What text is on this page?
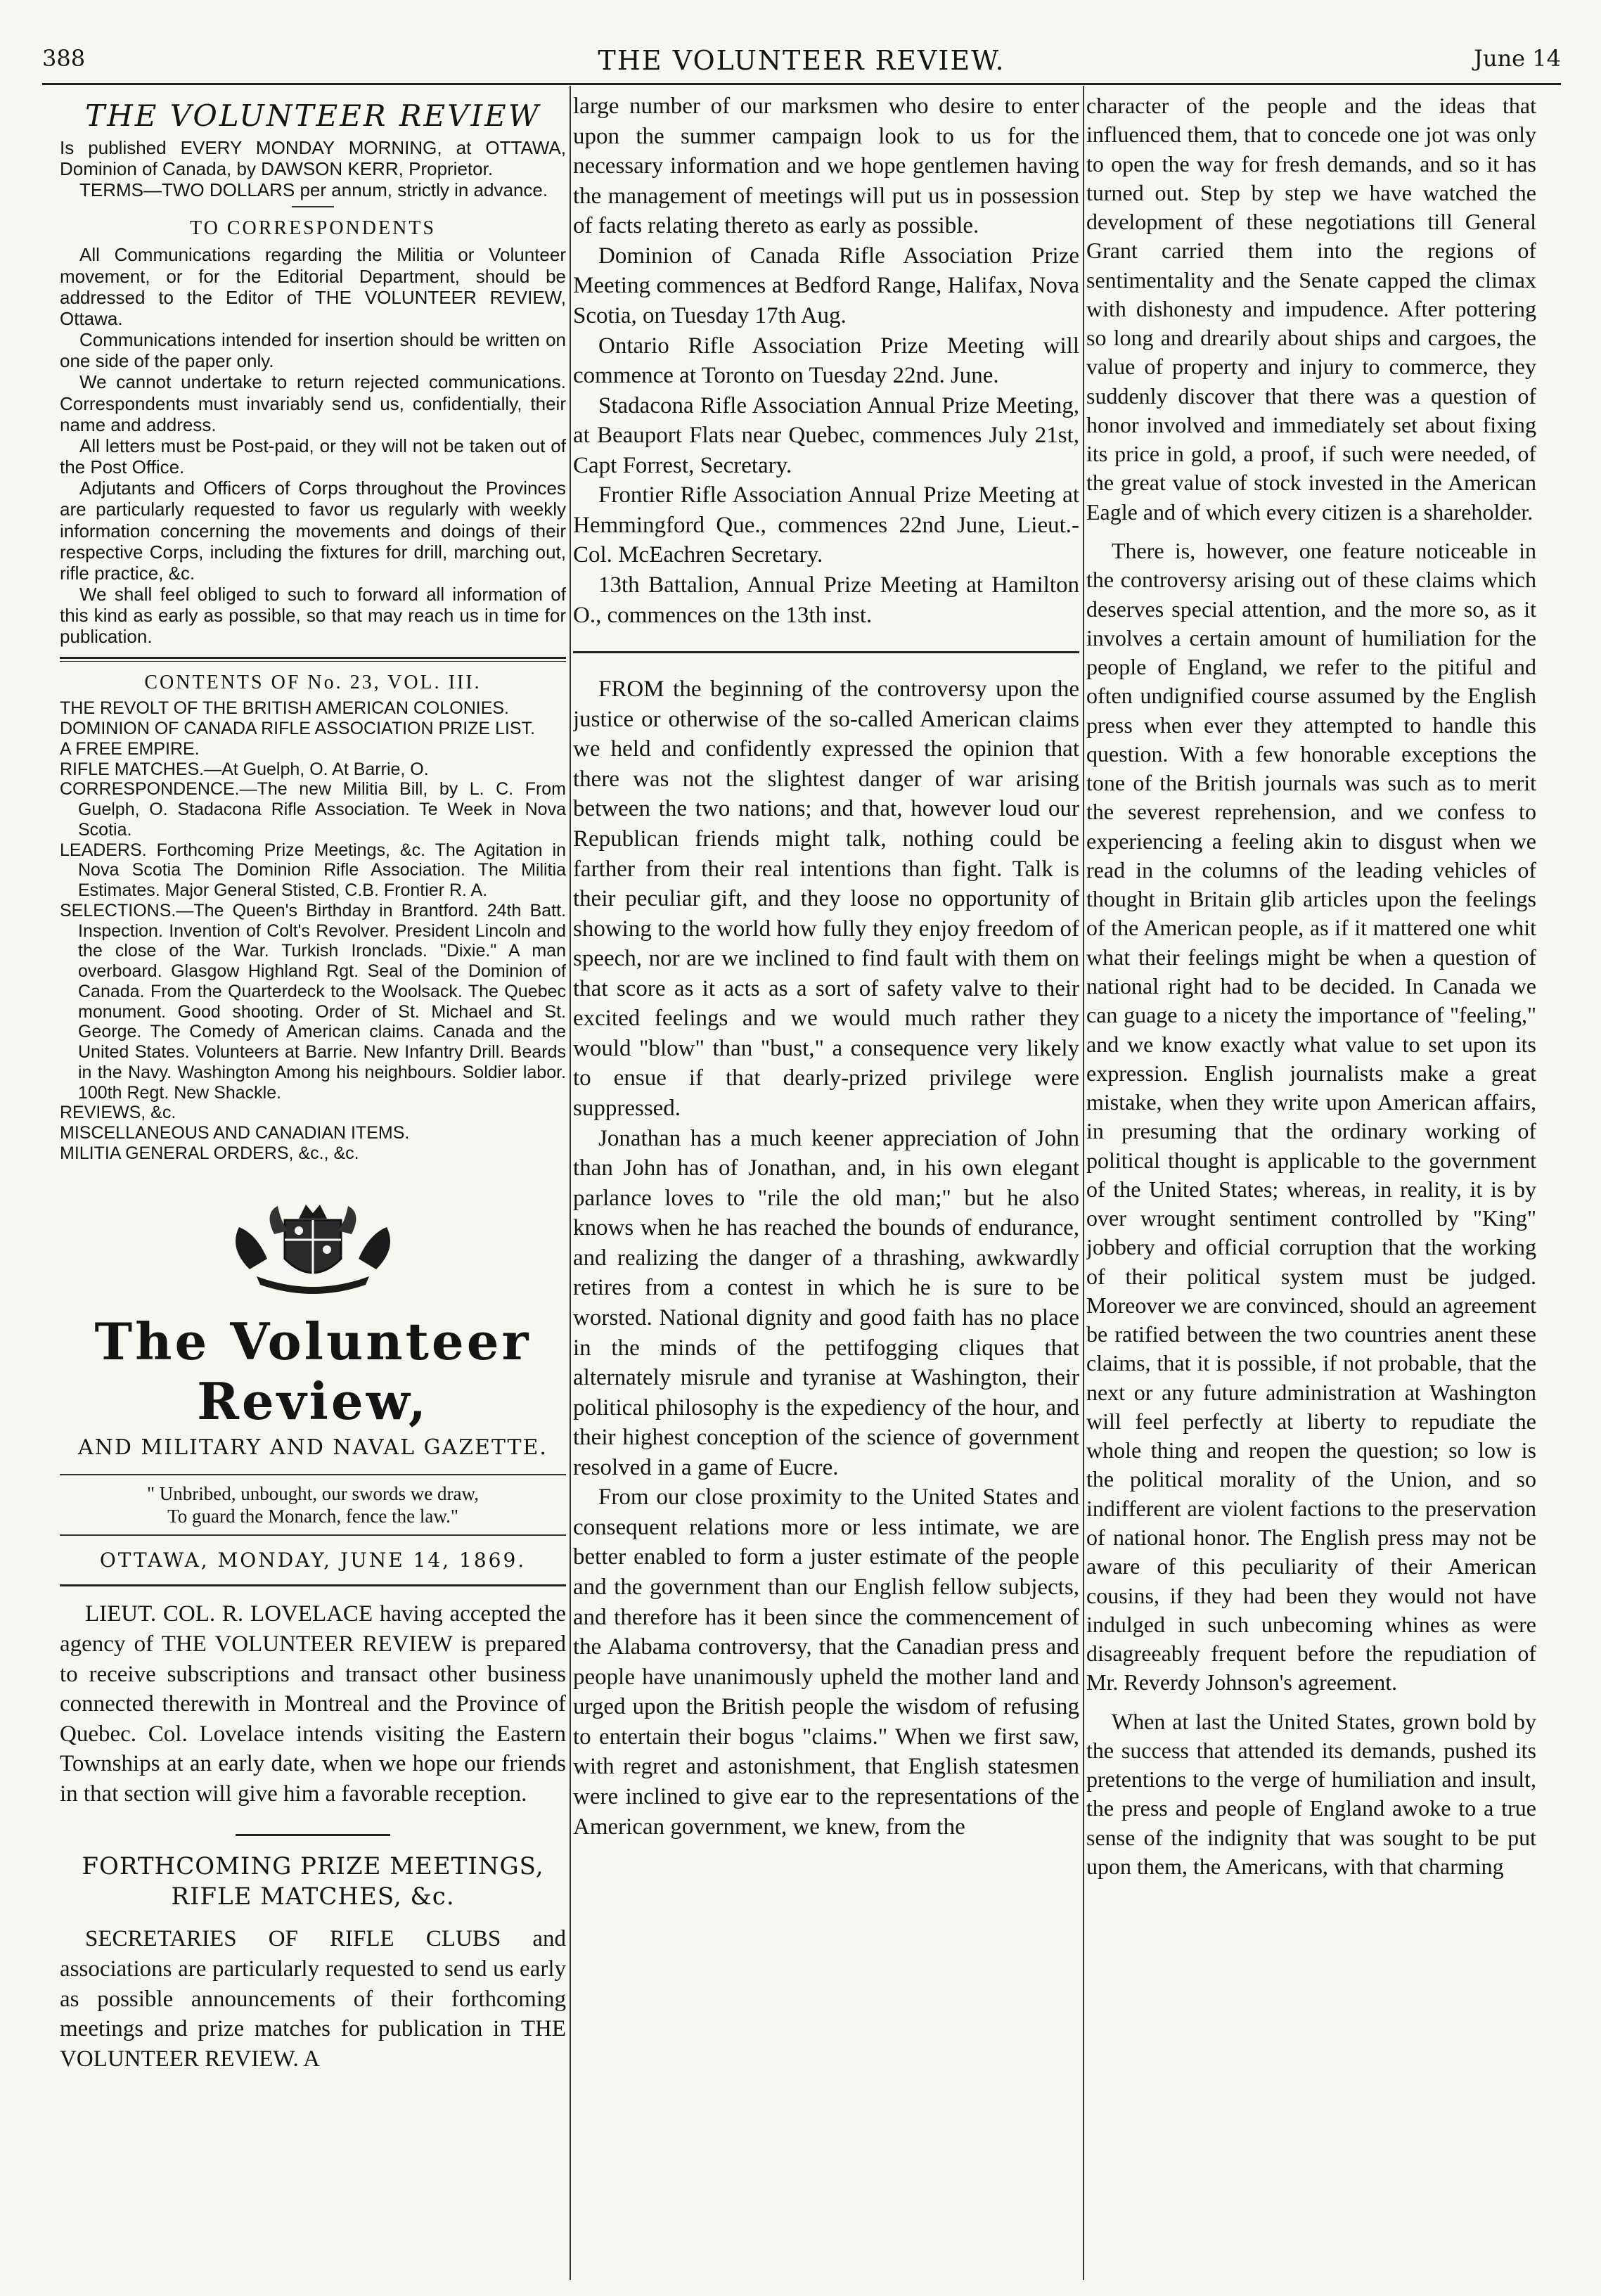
388	THE VOLUNTEER REVIEW.	June 14
THE VOLUNTEER REVIEW

Is published EVERY MONDAY MORNING, at OTTAWA, Dominion of Canada, by DAWSON KERR, Proprietor.

TERMS—TWO DOLLARS per annum, strictly in advance.

TO CORRESPONDENTS

All Communications regarding the Militia or Volunteer movement, or for the Editorial Department, should be addressed to the Editor of THE VOLUNTEER REVIEW, Ottawa.

Communications intended for insertion should be written on one side of the paper only.

We cannot undertake to return rejected communications. Correspondents must invariably send us, confidentially, their name and address.

All letters must be Post-paid, or they will not be taken out of the Post Office.

Adjutants and Officers of Corps throughout the Provinces are particularly requested to favor us regularly with weekly information concerning the movements and doings of their respective Corps, including the fixtures for drill, marching out, rifle practice, &c.

We shall feel obliged to such to forward all information of this kind as early as possible, so that may reach us in time for publication.

CONTENTS OF No. 23, VOL. III.

THE REVOLT OF THE BRITISH AMERICAN COLONIES.

DOMINION OF CANADA RIFLE ASSOCIATION PRIZE LIST.

A FREE EMPIRE.

RIFLE MATCHES.—At Guelph, O. At Barrie, O.

CORRESPONDENCE.—The new Militia Bill, by L. C. From Guelph, O. Stadacona Rifle Association. Te Week in Nova Scotia.

LEADERS. Forthcoming Prize Meetings, &c. The Agitation in Nova Scotia The Dominion Rifle Association. The Militia Estimates. Major General Stisted, C.B. Frontier R. A.

SELECTIONS.—The Queen's Birthday in Brantford. 24th Batt. Inspection. Invention of Colt's Revolver. President Lincoln and the close of the War. Turkish Ironclads. "Dixie." A man overboard. Glasgow Highland Rgt. Seal of the Dominion of Canada. From the Quarterdeck to the Woolsack. The Quebec monument. Good shooting. Order of St. Michael and St. George. The Comedy of American claims. Canada and the United States. Volunteers at Barrie. New Infantry Drill. Beards in the Navy. Washington Among his neighbours. Soldier labor. 100th Regt. New Shackle.

REVIEWS, &c.

MISCELLANEOUS AND CANADIAN ITEMS.

MILITIA GENERAL ORDERS, &c., &c.

The Volunteer Review,
AND MILITARY AND NAVAL GAZETTE.
" Unbribed, unbought, our swords we draw,
To guard the Monarch, fence the law."
OTTAWA, MONDAY, JUNE 14, 1869.

LIEUT. COL. R. LOVELACE having accepted the agency of THE VOLUNTEER REVIEW is prepared to receive subscriptions and transact other business connected therewith in Montreal and the Province of Quebec. Col. Lovelace intends visiting the Eastern Townships at an early date, when we hope our friends in that section will give him a favorable reception.

FORTHCOMING PRIZE MEETINGS, RIFLE MATCHES, &c.

SECRETARIES OF RIFLE CLUBS and associations are particularly requested to send us early as possible announcements of their forthcoming meetings and prize matches for publication in THE VOLUNTEER REVIEW. A

large number of our marksmen who desire to enter upon the summer campaign look to us for the necessary information and we hope gentlemen having the management of meetings will put us in possession of facts relating thereto as early as possible.

Dominion of Canada Rifle Association Prize Meeting commences at Bedford Range, Halifax, Nova Scotia, on Tuesday 17th Aug.

Ontario Rifle Association Prize Meeting will commence at Toronto on Tuesday 22nd. June.

Stadacona Rifle Association Annual Prize Meeting, at Beauport Flats near Quebec, commences July 21st, Capt Forrest, Secretary.

Frontier Rifle Association Annual Prize Meeting at Hemmingford Que., commences 22nd June, Lieut.-Col. McEachren Secretary.

13th Battalion, Annual Prize Meeting at Hamilton O., commences on the 13th inst.

FROM the beginning of the controversy upon the justice or otherwise of the so-called American claims we held and confidently expressed the opinion that there was not the slightest danger of war arising between the two nations; and that, however loud our Republican friends might talk, nothing could be farther from their real intentions than fight. Talk is their peculiar gift, and they loose no opportunity of showing to the world how fully they enjoy freedom of speech, nor are we inclined to find fault with them on that score as it acts as a sort of safety valve to their excited feelings and we would much rather they would "blow" than "bust," a consequence very likely to ensue if that dearly-prized privilege were suppressed.

Jonathan has a much keener appreciation of John than John has of Jonathan, and, in his own elegant parlance loves to "rile the old man;" but he also knows when he has reached the bounds of endurance, and realizing the danger of a thrashing, awkwardly retires from a contest in which he is sure to be worsted. National dignity and good faith has no place in the minds of the pettifogging cliques that alternately misrule and tyranise at Washington, their political philosophy is the expediency of the hour, and their highest conception of the science of government resolved in a game of Eucre.

From our close proximity to the United States and consequent relations more or less intimate, we are better enabled to form a juster estimate of the people and the government than our English fellow subjects, and therefore has it been since the commencement of the Alabama controversy, that the Canadian press and people have unanimously upheld the mother land and urged upon the British people the wisdom of refusing to entertain their bogus "claims." When we first saw, with regret and astonishment, that English statesmen were inclined to give ear to the representations of the American government, we knew, from the

character of the people and the ideas that influenced them, that to concede one jot was only to open the way for fresh demands, and so it has turned out. Step by step we have watched the development of these negotiations till General Grant carried them into the regions of sentimentality and the Senate capped the climax with dishonesty and impudence. After pottering so long and drearily about ships and cargoes, the value of property and injury to commerce, they suddenly discover that there was a question of honor involved and immediately set about fixing its price in gold, a proof, if such were needed, of the great value of stock invested in the American Eagle and of which every citizen is a shareholder.

There is, however, one feature noticeable in the controversy arising out of these claims which deserves special attention, and the more so, as it involves a certain amount of humiliation for the people of England, we refer to the pitiful and often undignified course assumed by the English press when ever they attempted to handle this question. With a few honorable exceptions the tone of the British journals was such as to merit the severest reprehension, and we confess to experiencing a feeling akin to disgust when we read in the columns of the leading vehicles of thought in Britain glib articles upon the feelings of the American people, as if it mattered one whit what their feelings might be when a question of national right had to be decided. In Canada we can guage to a nicety the importance of "feeling," and we know exactly what value to set upon its expression. English journalists make a great mistake, when they write upon American affairs, in presuming that the ordinary working of political thought is applicable to the government of the United States; whereas, in reality, it is by over wrought sentiment controlled by "King" jobbery and official corruption that the working of their political system must be judged. Moreover we are convinced, should an agreement be ratified between the two countries anent these claims, that it is possible, if not probable, that the next or any future administration at Washington will feel perfectly at liberty to repudiate the whole thing and reopen the question; so low is the political morality of the Union, and so indifferent are violent factions to the preservation of national honor. The English press may not be aware of this peculiarity of their American cousins, if they had been they would not have indulged in such unbecoming whines as were disagreeably frequent before the repudiation of Mr. Reverdy Johnson's agreement.

When at last the United States, grown bold by the success that attended its demands, pushed its pretentions to the verge of humiliation and insult, the press and people of England awoke to a true sense of the indignity that was sought to be put upon them, the Americans, with that charming
